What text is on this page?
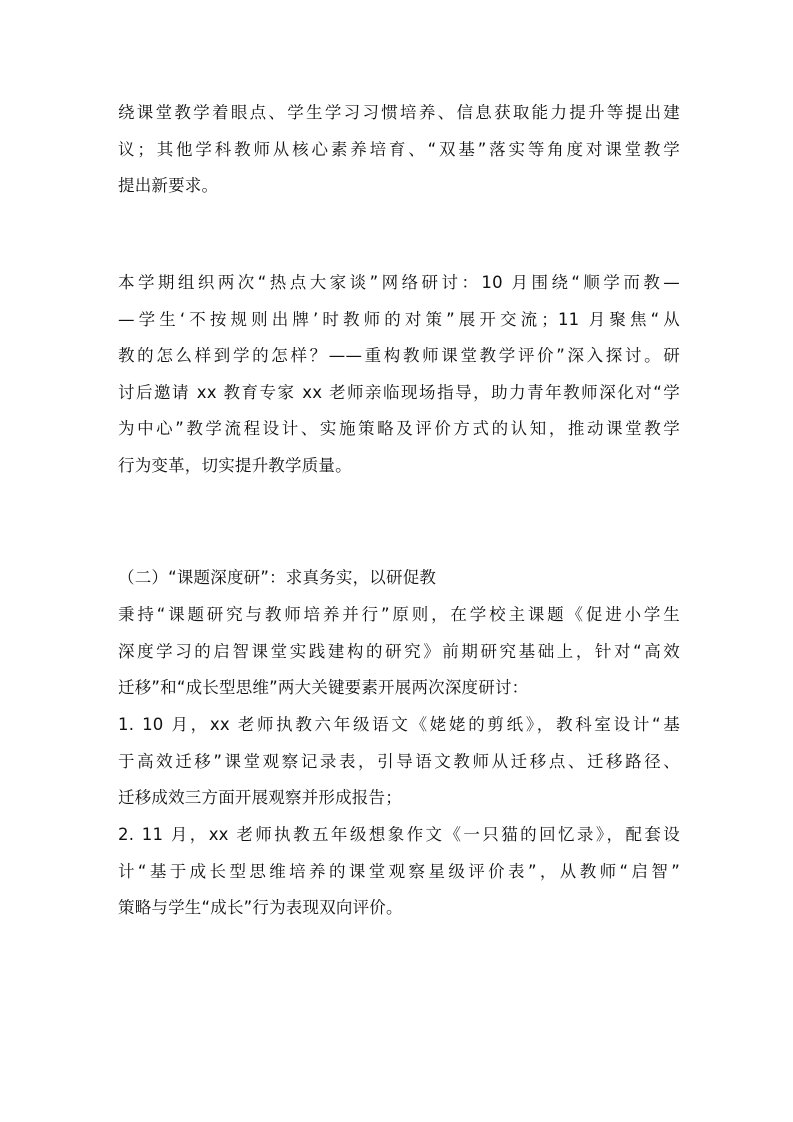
绕课堂教学着眼点、学生学习习惯培养、信息获取能力提升等提出建
议；其他学科教师从核心素养培育、“双基”落实等角度对课堂教学
提出新要求。
本学期组织两次“热点大家谈”网络研讨：10 月围绕“顺学而教—
—学生‘不按规则出牌’时教师的对策”展开交流；11 月聚焦“从
教的怎么样到学的怎样？——重构教师课堂教学评价”深入探讨。研
讨后邀请 xx 教育专家 xx 老师亲临现场指导，助力青年教师深化对“学
为中心”教学流程设计、实施策略及评价方式的认知，推动课堂教学
行为变革，切实提升教学质量。
（二）“课题深度研”：求真务实，以研促教
秉持“课题研究与教师培养并行”原则，在学校主课题《促进小学生
深度学习的启智课堂实践建构的研究》前期研究基础上，针对“高效
迁移”和“成长型思维”两大关键要素开展两次深度研讨：
1. 10 月，xx 老师执教六年级语文《姥姥的剪纸》，教科室设计“基
于高效迁移”课堂观察记录表，引导语文教师从迁移点、迁移路径、
迁移成效三方面开展观察并形成报告；
2. 11 月，xx 老师执教五年级想象作文《一只猫的回忆录》，配套设
计“基于成长型思维培养的课堂观察星级评价表”，从教师“启智”
策略与学生“成长”行为表现双向评价。
